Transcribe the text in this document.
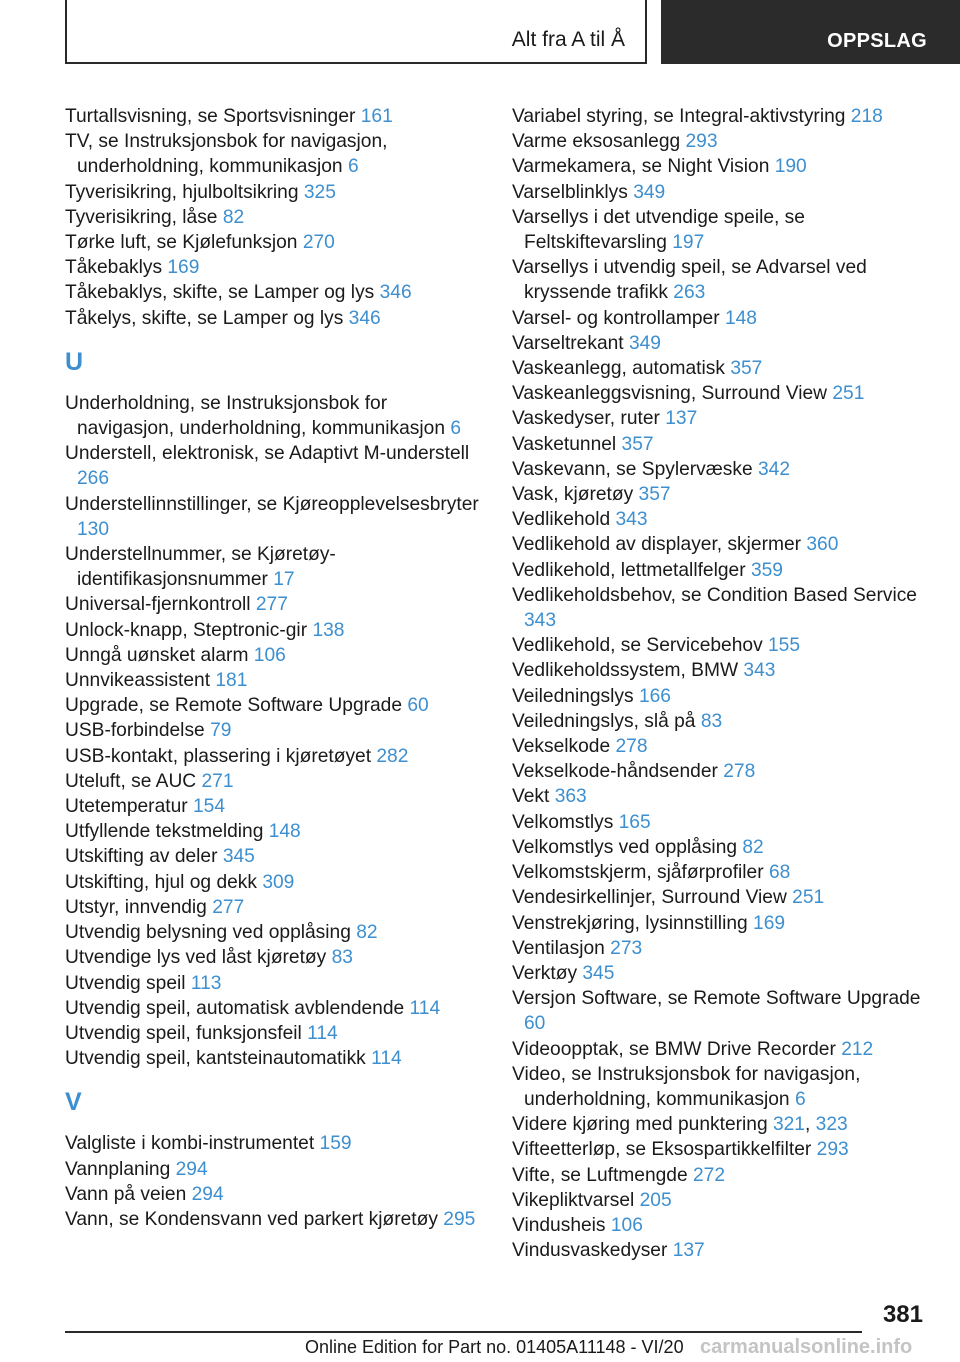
Alt fra A til Å	OPPSLAG
Turtallsvisning, se Sportsvisninger 161
TV, se Instruksjonsbok for navigasjon, underholdning, kommunikasjon 6
Tyverisikring, hjulboltsikring 325
Tyverisikring, låse 82
Tørke luft, se Kjølefunksjon 270
Tåkebaklys 169
Tåkebaklys, skifte, se Lamper og lys 346
Tåkelys, skifte, se Lamper og lys 346
U
Underholdning, se Instruksjonsbok for navigasjon, underholdning, kommunikasjon 6
Understell, elektronisk, se Adaptivt M-understell 266
Understellinnstillinger, se Kjøreopplevelsesbryter 130
Understellnummer, se Kjøretøy-identifikasjonsnummer 17
Universal-fjernkontroll 277
Unlock-knapp, Steptronic-gir 138
Unngå uønsket alarm 106
Unnvikeassistent 181
Upgrade, se Remote Software Upgrade 60
USB-forbindelse 79
USB-kontakt, plassering i kjøretøyet 282
Uteluft, se AUC 271
Utetemperatur 154
Utfyllende tekstmelding 148
Utskifting av deler 345
Utskifting, hjul og dekk 309
Utstyr, innvendig 277
Utvendig belysning ved opplåsing 82
Utvendige lys ved låst kjøretøy 83
Utvendig speil 113
Utvendig speil, automatisk avblendende 114
Utvendig speil, funksjonsfeil 114
Utvendig speil, kantsteinautomatikk 114
V
Valgliste i kombi-instrumentet 159
Vannplaning 294
Vann på veien 294
Vann, se Kondensvann ved parkert kjøretøy 295
Variabel styring, se Integral-aktivstyring 218
Varme eksosanlegg 293
Varmekamera, se Night Vision 190
Varselblinklys 349
Varsellys i det utvendige speile, se Feltskiftevarsling 197
Varsellys i utvendig speil, se Advarsel ved kryssende trafikk 263
Varsel- og kontrollamper 148
Varseltrekant 349
Vaskeanlegg, automatisk 357
Vaskeanleggsvisning, Surround View 251
Vaskedyser, ruter 137
Vasketunnel 357
Vaskevann, se Spylervæske 342
Vask, kjøretøy 357
Vedlikehold 343
Vedlikehold av displayer, skjermer 360
Vedlikehold, lettmetallfelger 359
Vedlikeholdsbehov, se Condition Based Service 343
Vedlikehold, se Servicebehov 155
Vedlikeholdssystem, BMW 343
Veiledningslys 166
Veiledningslys, slå på 83
Vekselkode 278
Vekselkode-håndsender 278
Vekt 363
Velkomstlys 165
Velkomstlys ved opplåsing 82
Velkomstskjerm, sjåførprofiler 68
Vendesirkellinjer, Surround View 251
Venstrekjøring, lysinnstilling 169
Ventilasjon 273
Verktøy 345
Versjon Software, se Remote Software Upgrade 60
Videoopptak, se BMW Drive Recorder 212
Video, se Instruksjonsbok for navigasjon, underholdning, kommunikasjon 6
Videre kjøring med punktering 321, 323
Vifteetterløp, se Eksospartikkelfilter 293
Vifte, se Luftmengde 272
Vikepliktvarsel 205
Vindusheis 106
Vindusvaskedyser 137
381
Online Edition for Part no. 01405A11148 - VI/20 carmanualsonline.info
